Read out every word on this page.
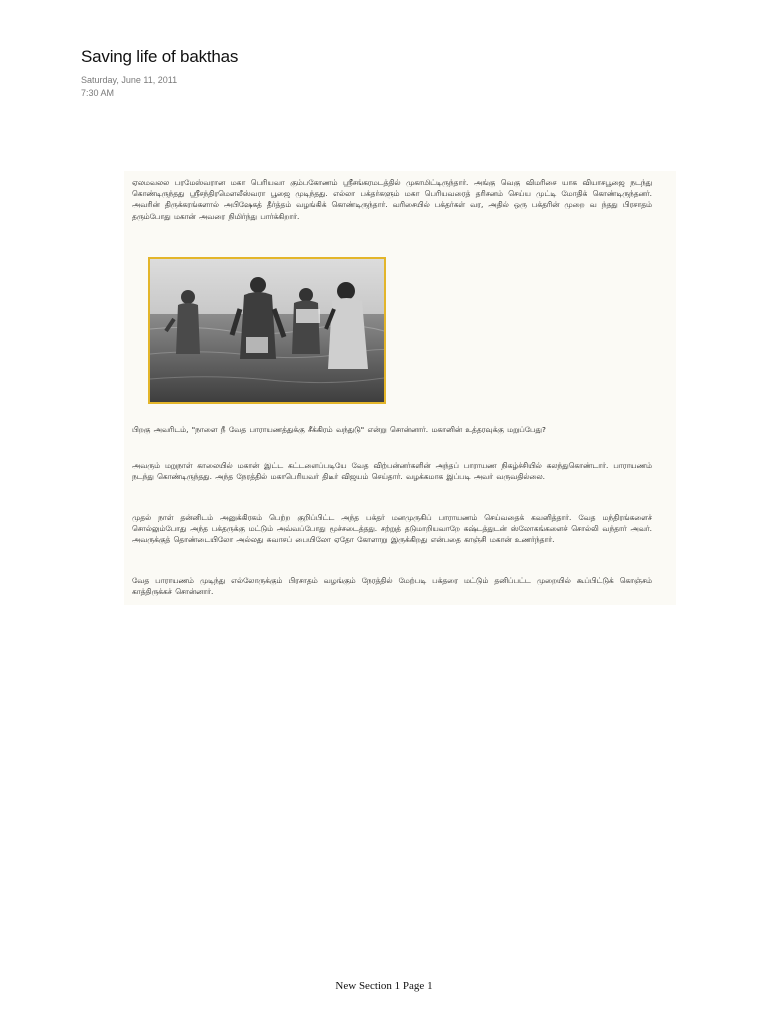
Saving life of bakthas
Saturday, June 11, 2011
7:30 AM

ஏலமவலல பரமேஸ்வரான மகா பெரியவா கும்பகோணம் ஸ்ரீசங்கரமடத்தில் முகாமிட்டிருந்தார். அங்கு வெகு விமரிசை யாக வியாசபூஜை நடந்து கொண்டிருந்தது ஸ்ரீசந்திரமௌலீஸ்வரா பூஜை முடிந்தது. எல்லா பக்தர்களும் மகா பெரியவரைத் தரிசனம் செய்ய முட்டி மோதிக் கொண்டிருந்தனர். அவரின் திருக்கரங்களால் அபிஷேகத் தீர்த்தம் வழங்கிக் கொண்டிருந்தார். வரிசையில் பக்தர்கள் வர, அதில் ஒரு பக்தரின் முறை வ ந்தது பிரசாதம் தரும்போது மகான் அவரை நிமிர்ந்து பார்க்கிறார்.

பிறகு அவரிடம், "நாளை நீ வேத பாராயணத்துக்கு சீக்கிரம் வந்துடு" என்று சொன்னார். மகானின் உத்தரவுக்கு மறுப்பேது?

அவரும் மறுநாள் காலையில் மகான் இட்ட கட்டளைப்படியே வேத விற்பன்னர்களின் அந்தப் பாராயண நிகழ்ச்சியில் கலந்துகொண்டார். பாராயணம் நடந்து கொண்டிருந்தது. அந்த நேரத்தில் மகாபெரியவர் திடீர் விஜயம் செய்தார். வழக்கமாக இப்படி அவர் வருவதில்லை.

முதல் நாள் தன்னிடம் அனுக்கிரகம் பெற்ற குறிப்பிட்ட அந்த பக்தர் மனமுருகிப் பாராயணம் செய்வதைக் கவனித்தார். வேத மந்திரங்களைச் சொல்லும்போது அந்த பக்தருக்கு மட்டும் அவ்வப்போது மூச்சடைத்தது. சற்றுத் தடுமாறியவாறே கஷ்டத்துடன் ஸ்லோகங்களைச் சொல்லி வந்தார் அவர். அவருக்குத் தொண்டையிலோ அல்லது சுவாசப் பையிலோ ஏதோ கோளாறு இருக்கிறது என்பதை காஞ்சி மகான் உணர்ந்தார்.

வேத பாராயணம் முடிந்து எல்லோருக்கும் பிரசாதம் வழங்கும் நேரத்தில் மேற்படி பக்தரை மட்டும் தனிப்பட்ட முறையில் கூப்பிட்டுக் கொஞ்சம் காத்திருக்கச் சொன்னார்.

New Section 1 Page 1
